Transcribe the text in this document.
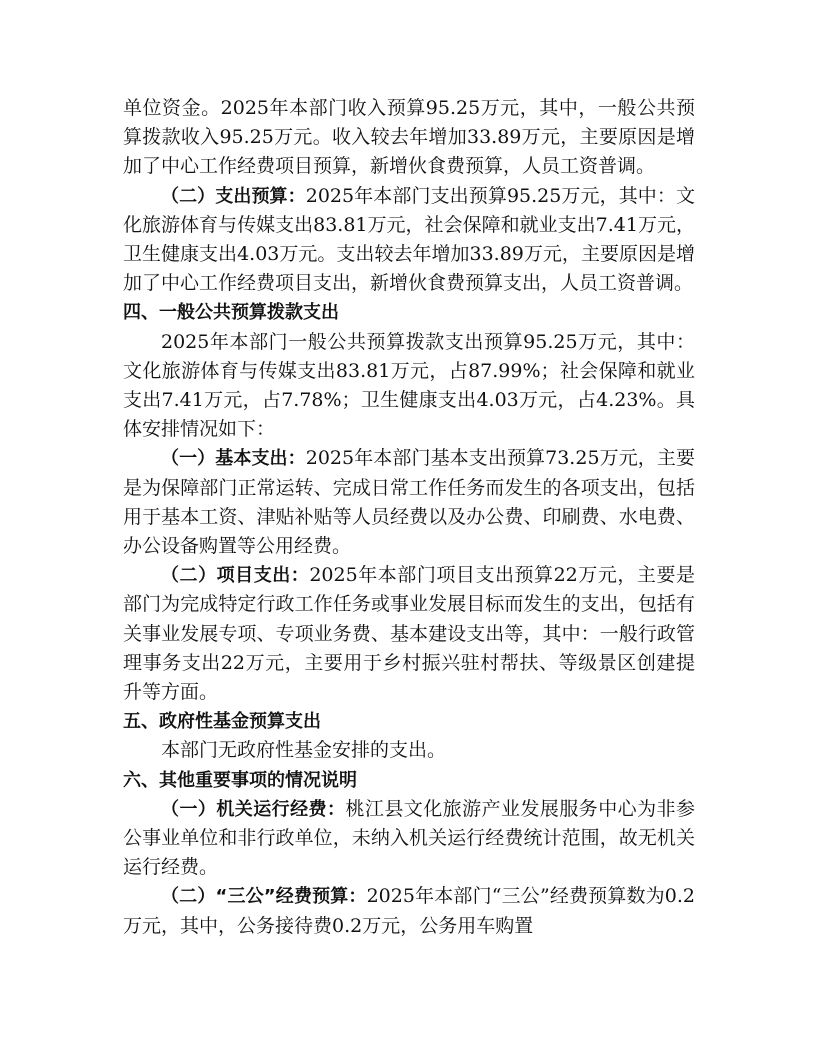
单位资金。2025年本部门收入预算95.25万元，其中，一般公共预算拨款收入95.25万元。收入较去年增加33.89万元，主要原因是增加了中心工作经费项目预算，新增伙食费预算，人员工资普调。

（二）支出预算：2025年本部门支出预算95.25万元，其中：文化旅游体育与传媒支出83.81万元，社会保障和就业支出7.41万元，卫生健康支出4.03万元。支出较去年增加33.89万元，主要原因是增加了中心工作经费项目支出，新增伙食费预算支出，人员工资普调。

四、一般公共预算拨款支出

2025年本部门一般公共预算拨款支出预算95.25万元，其中：文化旅游体育与传媒支出83.81万元，占87.99%；社会保障和就业支出7.41万元，占7.78%；卫生健康支出4.03万元，占4.23%。具体安排情况如下：

（一）基本支出：2025年本部门基本支出预算73.25万元，主要是为保障部门正常运转、完成日常工作任务而发生的各项支出，包括用于基本工资、津贴补贴等人员经费以及办公费、印刷费、水电费、办公设备购置等公用经费。

（二）项目支出：2025年本部门项目支出预算22万元，主要是部门为完成特定行政工作任务或事业发展目标而发生的支出，包括有关事业发展专项、专项业务费、基本建设支出等，其中：一般行政管理事务支出22万元，主要用于乡村振兴驻村帮扶、等级景区创建提升等方面。

五、政府性基金预算支出

本部门无政府性基金安排的支出。

六、其他重要事项的情况说明

（一）机关运行经费：桃江县文化旅游产业发展服务中心为非参公事业单位和非行政单位，未纳入机关运行经费统计范围，故无机关运行经费。

（二）“三公”经费预算：2025年本部门“三公”经费预算数为0.2万元，其中，公务接待费0.2万元，公务用车购置
